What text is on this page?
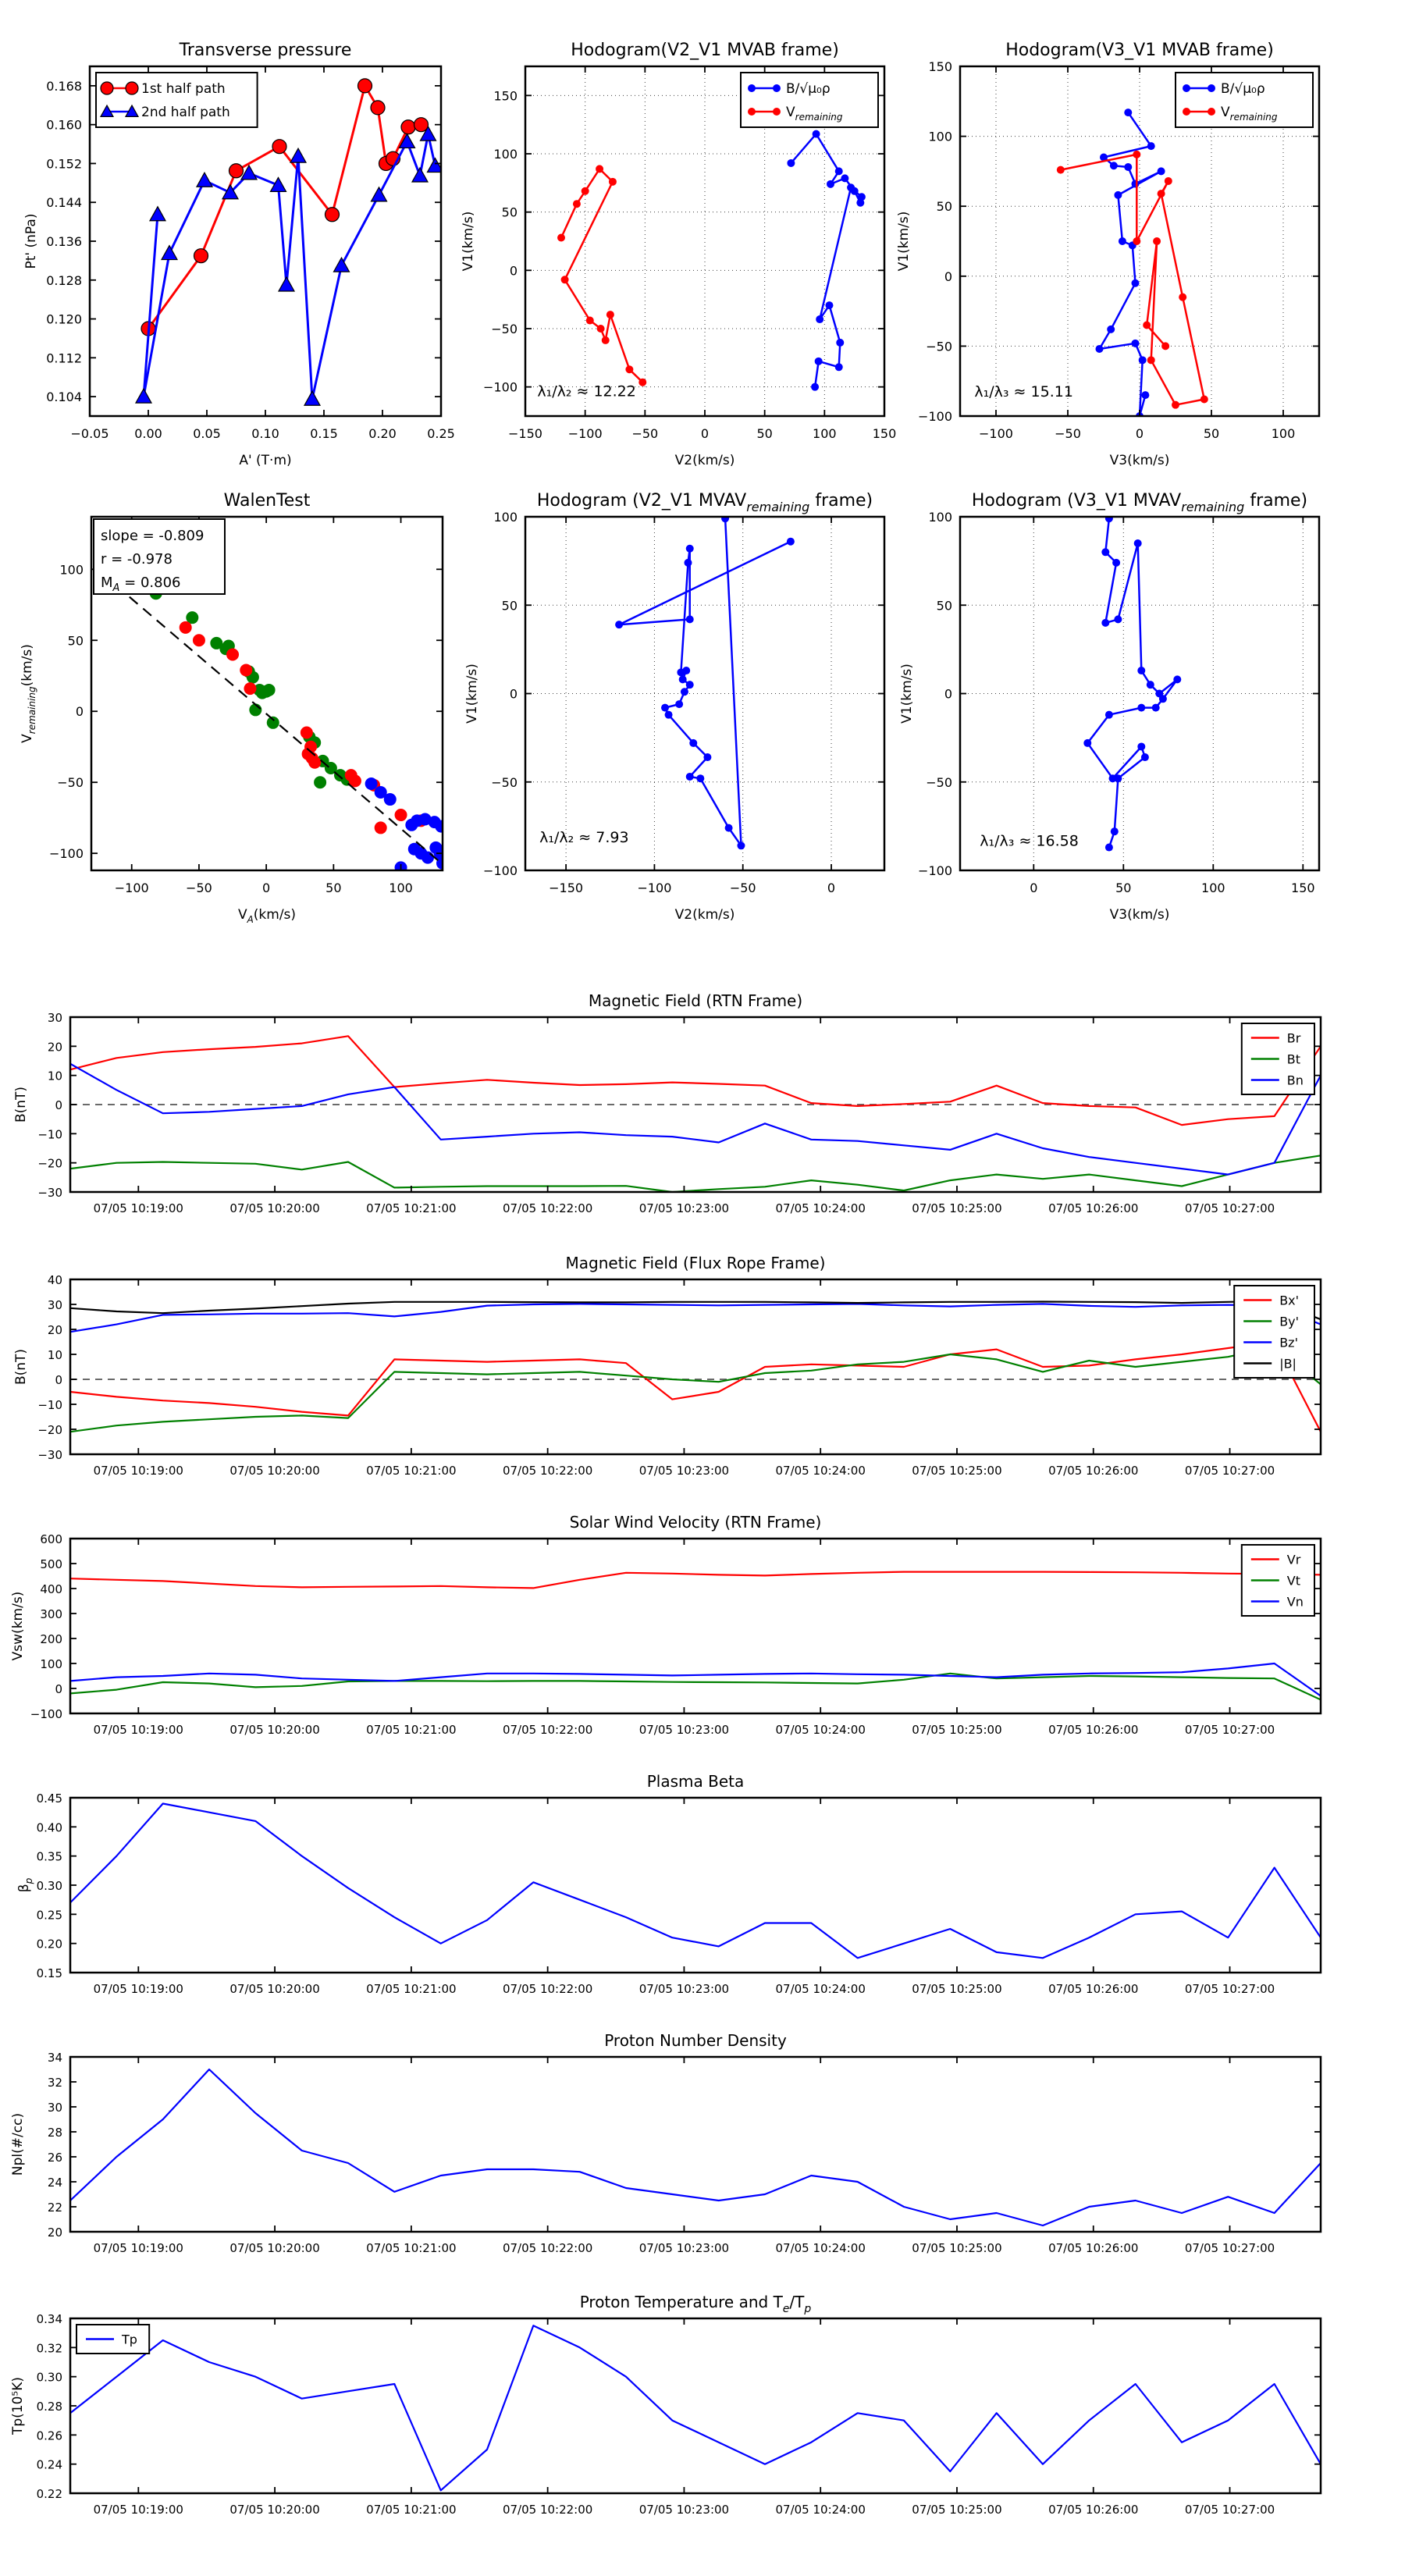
−0.05 0.00 0.05 0.10 0.15 0.20 0.25
0.104
0.112
0.120
0.128
0.136
0.144
0.152
0.160
0.168
Transverse pressure
A' (T·m)
Pt' (nPa)
1st half path
2nd half path
−150 −100 −50	0	50	100	150
−100
−50
0
50
100
150
Hodogram(V2_V1 MVAB frame)
V2(km/s)
V1(km/s)
λ₁/λ₂ ≈ 12.22
B/√μ₀ρ
$V_{remaining}$
−100	−50	0	50	100
−100
−50
0
50
100
150
Hodogram(V3_V1 MVAB frame)
V3(km/s)
V1(km/s)
λ₁/λ₃ ≈ 15.11
B/√μ₀ρ
$V_{remaining}$
−100	−50	0	50	100
−100
−50
0
50
100
WalenTest
$V_A(km/s)$
$V_{remaining}(km/s)$
slope = -0.809
r = -0.978
$M_A = 0.806$
−150	−100	−50	0
−100
−50
0
50
100
Hodogram (V2_V1 $MVAV_{remaining}$ frame)
V2(km/s)
V1(km/s)
λ₁/λ₂ ≈ 7.93
0	50	100	150
−100
−50
0
50
100
Hodogram (V3_V1 $MVAV_{remaining}$ frame)
V3(km/s)
V1(km/s)
λ₁/λ₃ ≈ 16.58
07/05 10:19:00	07/05 10:20:00	07/05 10:21:00	07/05 10:22:00	07/05 10:23:00	07/05 10:24:00	07/05 10:25:00	07/05 10:26:00	07/05 10:27:00
−30
−20
−10
0
10
20
30
Magnetic Field (RTN Frame)
B(nT)
Br
Bt
Bn
07/05 10:19:00	07/05 10:20:00	07/05 10:21:00	07/05 10:22:00	07/05 10:23:00	07/05 10:24:00	07/05 10:25:00	07/05 10:26:00	07/05 10:27:00
−30
−20
−10
0
10
20
30
40
Magnetic Field (Flux Rope Frame)
B(nT)
Bx'
By'
Bz'
|B|
07/05 10:19:00	07/05 10:20:00	07/05 10:21:00	07/05 10:22:00	07/05 10:23:00	07/05 10:24:00	07/05 10:25:00	07/05 10:26:00	07/05 10:27:00
−100
0
100
200
300
400
500
600
Solar Wind Velocity (RTN Frame)
Vsw(km/s)
Vr
Vt
Vn
07/05 10:19:00	07/05 10:20:00	07/05 10:21:00	07/05 10:22:00	07/05 10:23:00	07/05 10:24:00	07/05 10:25:00	07/05 10:26:00	07/05 10:27:00
0.15
0.20
0.25
0.30
0.35
0.40
0.45
Plasma Beta
$\beta_p$
07/05 10:19:00	07/05 10:20:00	07/05 10:21:00	07/05 10:22:00	07/05 10:23:00	07/05 10:24:00	07/05 10:25:00	07/05 10:26:00	07/05 10:27:00
20
22
24
26
28
30
32
34
Proton Number Density
Npl(#/cc)
07/05 10:19:00	07/05 10:20:00	07/05 10:21:00	07/05 10:22:00	07/05 10:23:00	07/05 10:24:00	07/05 10:25:00	07/05 10:26:00	07/05 10:27:00
0.22
0.24
0.26
0.28
0.30
0.32
0.34
Proton Temperature and $T_e/T_p$
Tp(10⁵K)
Tp
